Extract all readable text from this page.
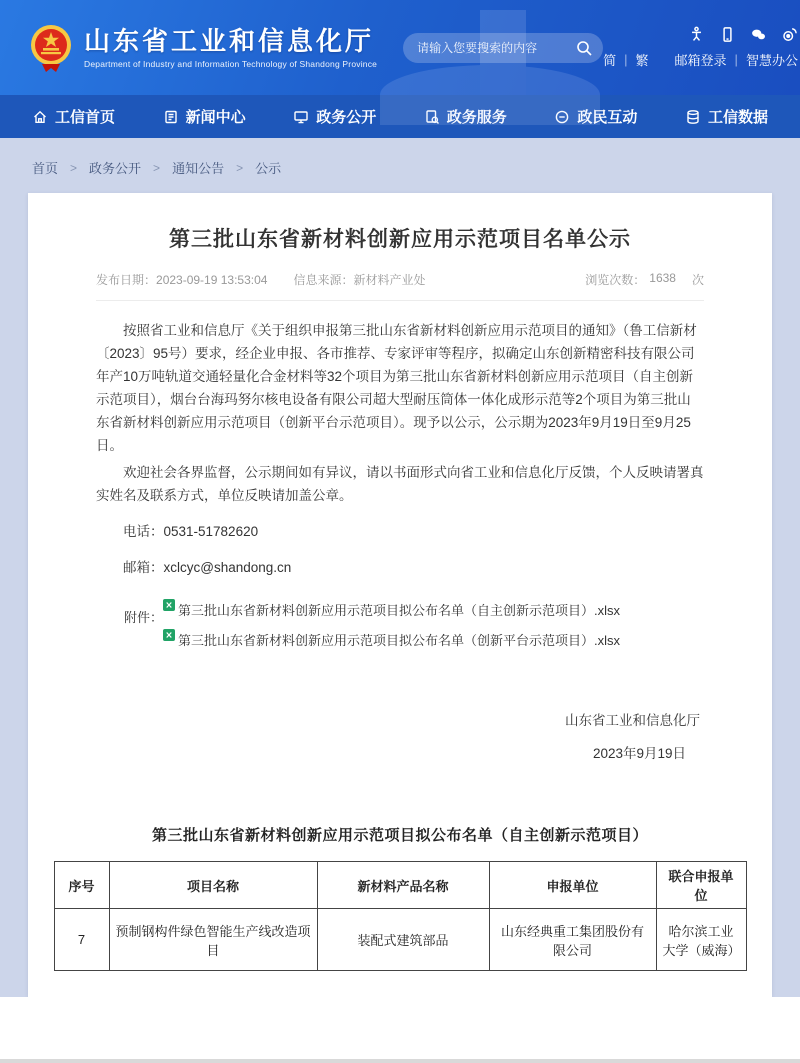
山东省工业和信息化厅
Department of Industry and Information Technology of Shandong Province
请输入您要搜索的内容	简 | 繁 邮箱登录 | 智慧办公
工信首页	新闻中心	政务公开	政务服务	政民互动	工信数据
首页 > 政务公开 > 通知公告 > 公示
第三批山东省新材料创新应用示范项目名单公示
发布日期：2023-09-19 13:53:04 信息来源：新材料产业处	浏览次数： 1638 次

按照省工业和信息厅《关于组织申报第三批山东省新材料创新应用示范项目的通知》（鲁工信新材〔2023〕95号）要求，经企业申报、各市推荐、专家评审等程序，拟确定山东创新精密科技有限公司年产10万吨轨道交通轻量化合金材料等32个项目为第三批山东省新材料创新应用示范项目（自主创新示范项目），烟台台海玛努尔核电设备有限公司超大型耐压筒体一体化成形示范等2个项目为第三批山东省新材料创新应用示范项目（创新平台示范项目）。现予以公示，公示期为2023年9月19日至9月25日。

欢迎社会各界监督，公示期间如有异议，请以书面形式向省工业和信息化厅反馈，个人反映请署真实姓名及联系方式，单位反映请加盖公章。

电话：0531-51782620

邮箱：xclcyc@shandong.cn

附件： 第三批山东省新材料创新应用示范项目拟公布名单（自主创新示范项目）.xlsx
第三批山东省新材料创新应用示范项目拟公布名单（创新平台示范项目）.xlsx
山东省工业和信息化厅
2023年9月19日
第三批山东省新材料创新应用示范项目拟公布名单（自主创新示范项目）
序号	项目名称	新材料产品名称	申报单位	联合申报单位
7	预制钢构件绿色智能生产线改造项目	装配式建筑部品	山东经典重工集团股份有限公司	哈尔滨工业大学（威海）
